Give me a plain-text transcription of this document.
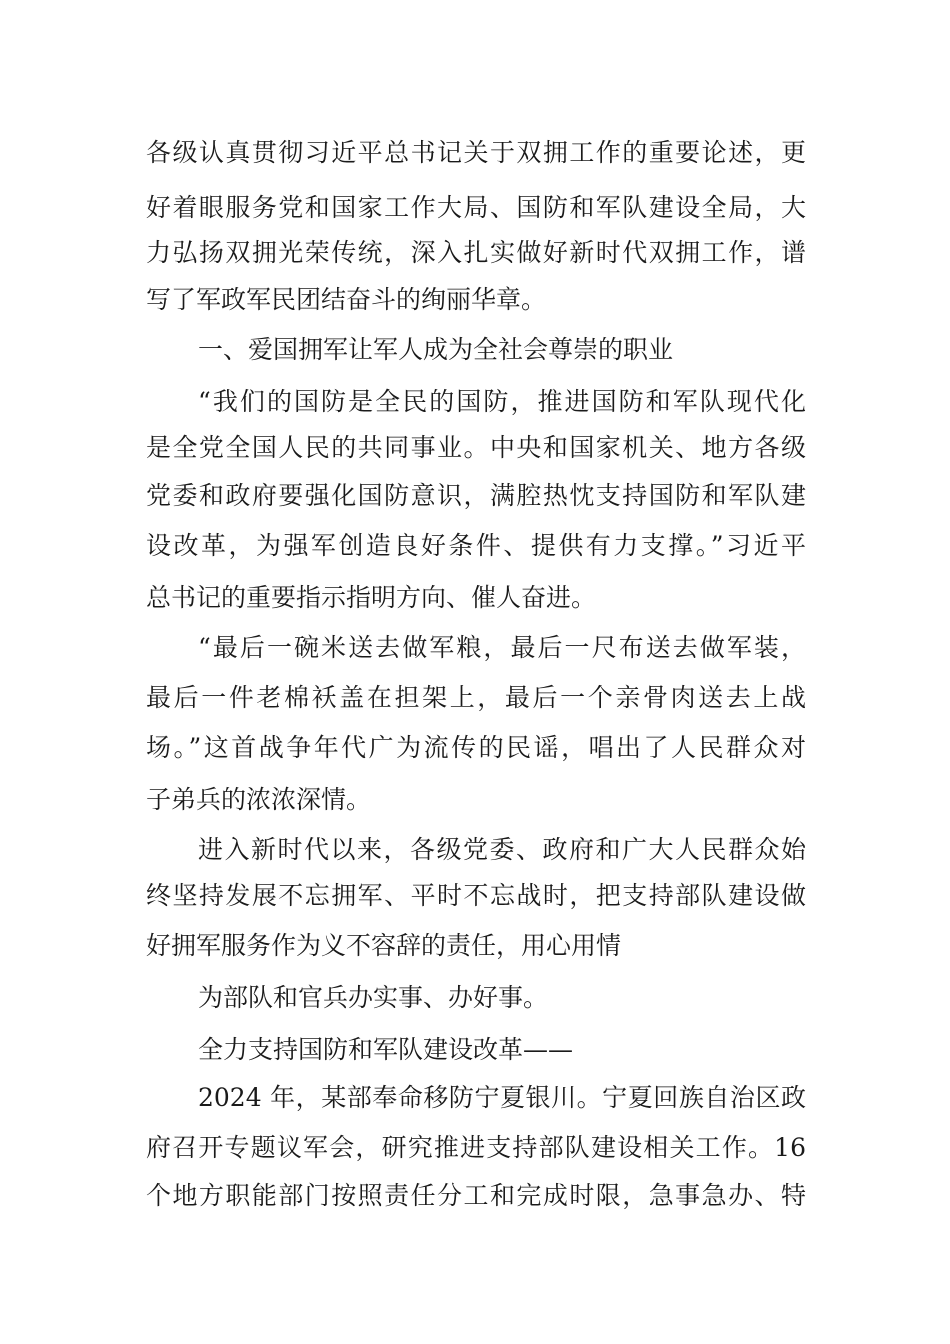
各级认真贯彻习近平总书记关于双拥工作的重要论述，更
好着眼服务党和国家工作大局、国防和军队建设全局，大
力弘扬双拥光荣传统，深入扎实做好新时代双拥工作，谱
写了军政军民团结奋斗的绚丽华章。
一、爱国拥军让军人成为全社会尊崇的职业
“我们的国防是全民的国防，推进国防和军队现代化
是全党全国人民的共同事业。中央和国家机关、地方各级
党委和政府要强化国防意识，满腔热忱支持国防和军队建
设改革，为强军创造良好条件、提供有力支撑。”习近平
总书记的重要指示指明方向、催人奋进。
“最后一碗米送去做军粮，最后一尺布送去做军装，
最后一件老棉袄盖在担架上，最后一个亲骨肉送去上战
场。”这首战争年代广为流传的民谣，唱出了人民群众对
子弟兵的浓浓深情。
进入新时代以来，各级党委、政府和广大人民群众始
终坚持发展不忘拥军、平时不忘战时，把支持部队建设做
好拥军服务作为义不容辞的责任，用心用情
为部队和官兵办实事、办好事。
全力支持国防和军队建设改革——
2024 年，某部奉命移防宁夏银川。宁夏回族自治区政
府召开专题议军会，研究推进支持部队建设相关工作。16
个地方职能部门按照责任分工和完成时限，急事急办、特
